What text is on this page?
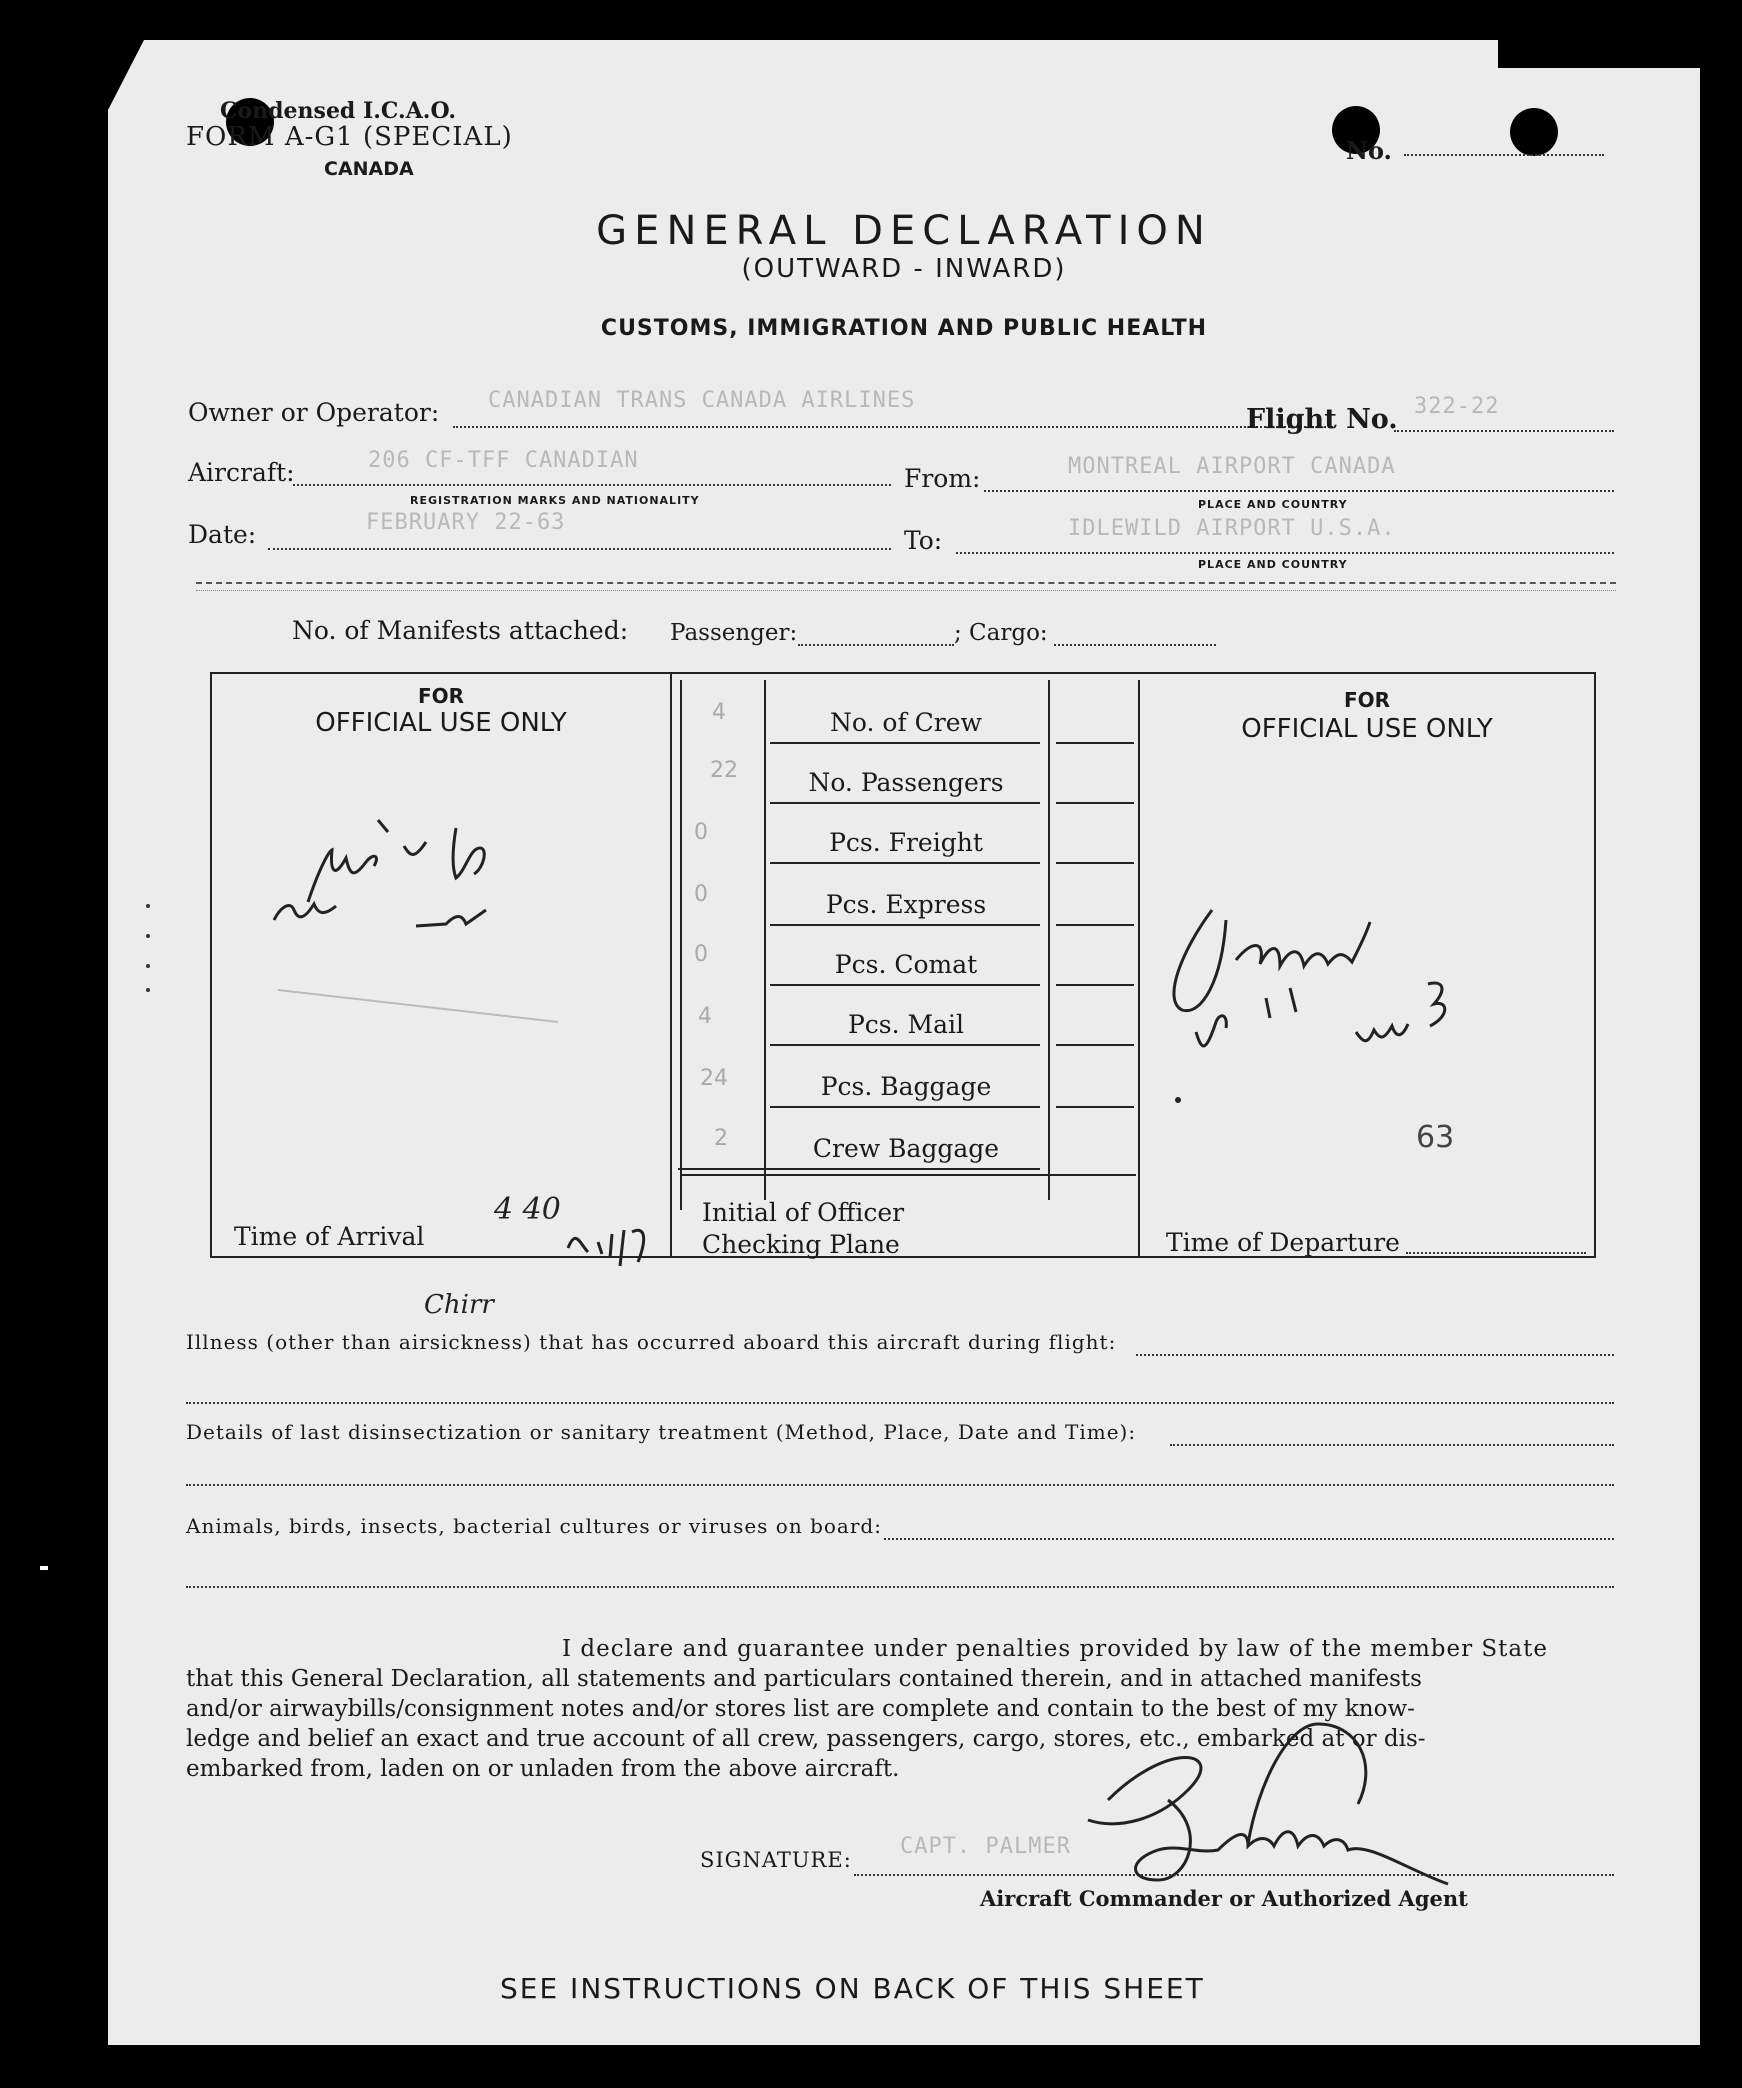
Condensed I.C.A.O.
FORM A-G1 (SPECIAL)
CANADA
No.
GENERAL DECLARATION
(OUTWARD - INWARD)
CUSTOMS, IMMIGRATION AND PUBLIC HEALTH
Owner or Operator: CANADIAN TRANS CANADA AIRLINES
Flight No. 322-22
Aircraft:	206 CF-TFF CANADIAN
REGISTRATION MARKS AND NATIONALITY
From:	MONTREAL AIRPORT CANADA
PLACE AND COUNTRY
Date:	FEBRUARY 22-63
To:	IDLEWILD AIRPORT U.S.A.
PLACE AND COUNTRY
No. of Manifests attached: Passenger:	; Cargo:
FOR
OFFICIAL USE ONLY
Time of Arrival
4 40
4	No. of Crew
22	No. Passengers
0	Pcs. Freight
0	Pcs. Express
0	Pcs. Comat
4	Pcs. Mail
24	Pcs. Baggage
2	Crew Baggage
Initial of Officer
Checking Plane
FOR
OFFICIAL USE ONLY
63
Time of Departure
Illness (other than airsickness) that has occurred aboard this aircraft during flight:
Chirr
Details of last disinsectization or sanitary treatment (Method, Place, Date and Time):
Animals, birds, insects, bacterial cultures or viruses on board:
I declare and guarantee under penalties provided by law of the member State
that this General Declaration, all statements and particulars contained therein, and in attached manifests
and/or airwaybills/consignment notes and/or stores list are complete and contain to the best of my know-
ledge and belief an exact and true account of all crew, passengers, cargo, stores, etc., embarked at or dis-
embarked from, laden on or unladen from the above aircraft.
SIGNATURE:
CAPT. PALMER
Aircraft Commander or Authorized Agent
SEE INSTRUCTIONS ON BACK OF THIS SHEET
